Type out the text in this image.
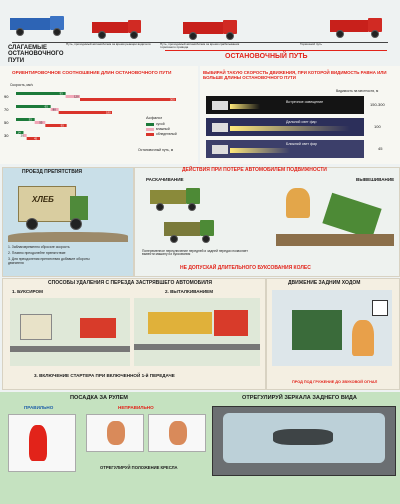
Путь, проходимый автомобилем за время реакции водителя	Путь, проходимый автомобилем за время срабатывания тормозного привода
Тормозной путь
СЛАГАЕМЫЕ ОСТАНОВОЧНОГО ПУТИ
ОСТАНОВОЧНЫЙ ПУТЬ
ОРИЕНТИРОВОЧНОЕ СООТНОШЕНИЕ ДЛИН ОСТАНОВОЧНОГО ПУТИ
Скорость, км/ч
Остановочный путь, м
Асфальт
90
93
120
300
70
65
80
180
50
35
55
95
30
14
20
45
сухой
влажный
обледенелый
ВЫБИРАЙ ТАКУЮ СКОРОСТЬ ДВИЖЕНИЯ, ПРИ КОТОРОЙ ВИДИМОСТЬ РАВНА ИЛИ БОЛЬШЕ ДЛИНЫ ОСТАНОВОЧНОГО ПУТИ
Видимость на местности, м
Встречное освещение	150-300
Дальний свет фар
100
Ближний свет фар
45
ПРОЕЗД ПРЕПЯТСТВИЯ
ХЛЕБ
1. Заблаговременно сбросьте скорость
2. Плавно преодолейте препятствие
3. Для преодоления препятствия добавьте обороты двигателя
ДЕЙСТВИЯ ПРИ ПОТЕРЕ АВТОМОБИЛЕМ ПОДВИЖНОСТИ
РАСКАЧИВАНИЕ	ВЫВЕШИВАНИЕ
Попеременное переключение передней и задней передач позволяет вывести машину из буксования
НЕ ДОПУСКАЙ ДЛИТЕЛЬНОГО БУКСОВАНИЯ КОЛЕС
СПОСОБЫ УДАЛЕНИЯ С ПЕРЕЗДА ЗАСТРЯВШЕГО АВТОМОБИЛЯ
1. БУКСИРОМ	2. ВЫТАЛКИВАНИЕМ
3. ВКЛЮЧЕНИЕ СТАРТЕРА ПРИ ВКЛЮЧЕННОЙ 1-й ПЕРЕДАЧЕ
ДВИЖЕНИЕ ЗАДНИМ ХОДОМ
ПРОД ПОД ГРУЖЕНИЕ ДО ЗВУКОВОЙ ОГНАЛ
ПОСАДКА ЗА РУЛЕМ
ПРАВИЛЬНО	НЕПРАВИЛЬНО
ОТРЕГУЛИРУЙ ПОЛОЖЕНИЕ КРЕСЛА
ОТРЕГУЛИРУЙ ЗЕРКАЛА ЗАДНЕГО ВИДА
